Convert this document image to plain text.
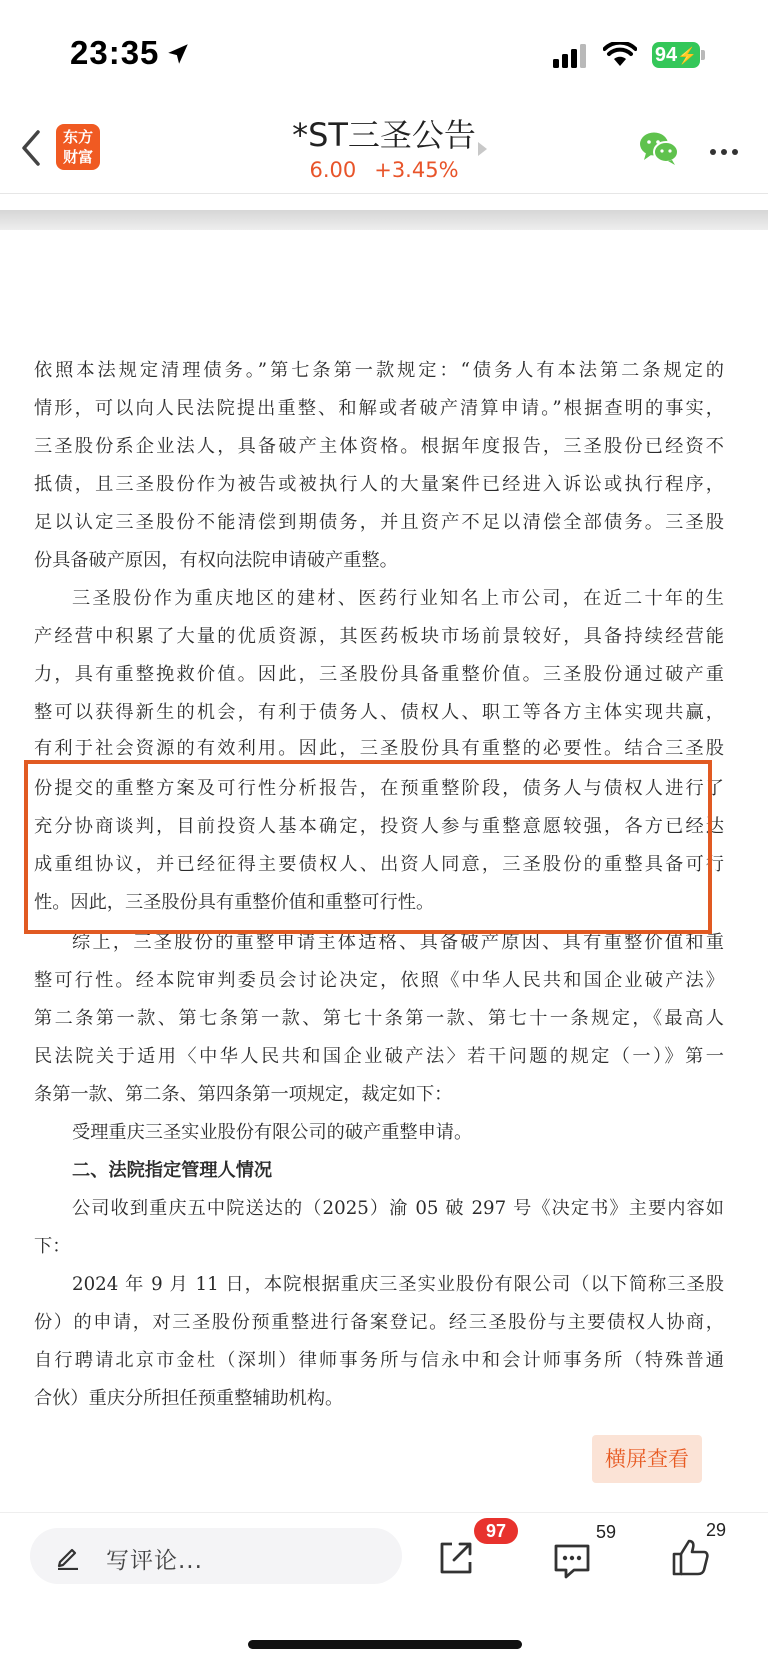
23:35	94⚡
东方
财富
*ST三圣公告
6.00 +3.45%
依照本法规定清理债务。”第七条第一款规定：“债务人有本法第二条规定的
情形，可以向人民法院提出重整、和解或者破产清算申请。”根据查明的事实，
三圣股份系企业法人，具备破产主体资格。根据年度报告，三圣股份已经资不
抵债，且三圣股份作为被告或被执行人的大量案件已经进入诉讼或执行程序，
足以认定三圣股份不能清偿到期债务，并且资产不足以清偿全部债务。三圣股
份具备破产原因，有权向法院申请破产重整。
三圣股份作为重庆地区的建材、医药行业知名上市公司，在近二十年的生
产经营中积累了大量的优质资源，其医药板块市场前景较好，具备持续经营能
力，具有重整挽救价值。因此，三圣股份具备重整价值。三圣股份通过破产重
整可以获得新生的机会，有利于债务人、债权人、职工等各方主体实现共赢，
有利于社会资源的有效利用。因此，三圣股份具有重整的必要性。结合三圣股
份提交的重整方案及可行性分析报告，在预重整阶段，债务人与债权人进行了
充分协商谈判，目前投资人基本确定，投资人参与重整意愿较强，各方已经达
成重组协议，并已经征得主要债权人、出资人同意，三圣股份的重整具备可行
性。因此，三圣股份具有重整价值和重整可行性。
综上，三圣股份的重整申请主体适格、具备破产原因、具有重整价值和重
整可行性。经本院审判委员会讨论决定，依照《中华人民共和国企业破产法》
第二条第一款、第七条第一款、第七十条第一款、第七十一条规定，《最高人
民法院关于适用〈中华人民共和国企业破产法〉若干问题的规定（一）》第一
条第一款、第二条、第四条第一项规定，裁定如下：
受理重庆三圣实业股份有限公司的破产重整申请。
二、法院指定管理人情况
公司收到重庆五中院送达的（2025）渝 05 破 297 号《决定书》主要内容如
下：
2024 年 9 月 11 日，本院根据重庆三圣实业股份有限公司（以下简称三圣股
份）的申请，对三圣股份预重整进行备案登记。经三圣股份与主要债权人协商，
自行聘请北京市金杜（深圳）律师事务所与信永中和会计师事务所（特殊普通
合伙）重庆分所担任预重整辅助机构。
横屏查看
写评论...
97	59	29
